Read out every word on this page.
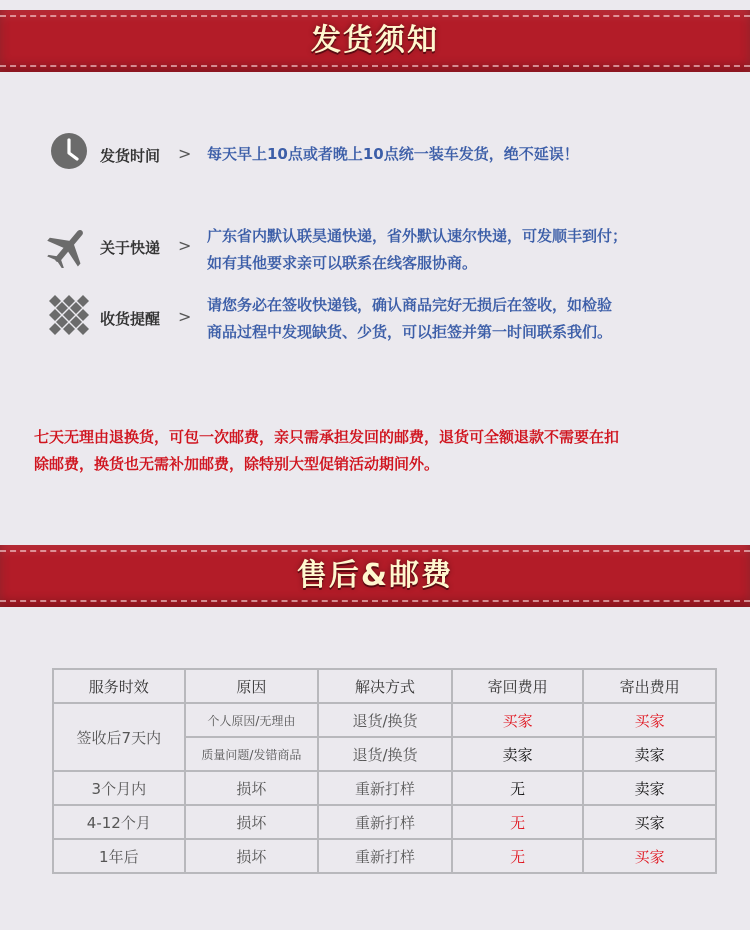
发货须知
发货时间 > 每天早上10点或者晚上10点统一装车发货，绝不延误！
关于快递 > 广东省内默认联昊通快递，省外默认速尔快递，可发顺丰到付；
如有其他要求亲可以联系在线客服协商。
收货提醒 >
请您务必在签收快递钱，确认商品完好无损后在签收，如检验
商品过程中发现缺货、少货，可以拒签并第一时间联系我们。
七天无理由退换货，可包一次邮费，亲只需承担发回的邮费，退货可全额退款不需要在扣
除邮费，换货也无需补加邮费，除特别大型促销活动期间外。
售后&邮费
服务时效	原因	解决方式	寄回费用	寄出费用
签收后7天内	个人原因/无理由	退货/换货	买家	买家
	质量问题/发错商品	退货/换货	卖家	卖家
3个月内	损坏	重新打样	无	卖家
4-12个月	损坏	重新打样	无	买家
1年后	损坏	重新打样	无	买家
